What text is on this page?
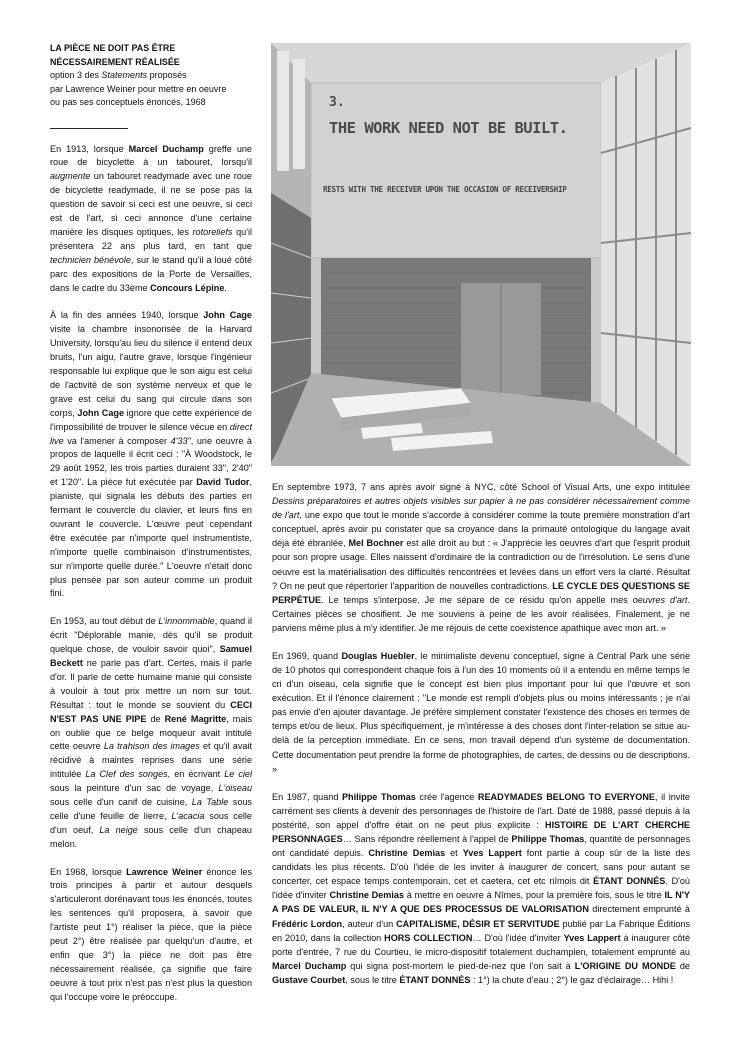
LA PIÈCE NE DOIT PAS ÊTRE
NÉCESSAIREMENT RÉALISÉE
option 3 des Statements proposés
par Lawrence Weiner pour mettre en oeuvre
ou pas ses conceptuels énoncés, 1968

En 1913, lorsque Marcel Duchamp greffe une roue de bicyclette à un tabouret, lorsqu'il augmente un tabouret readymade avec une roue de bicyclette readymade, il ne se pose pas la question de savoir si ceci est une oeuvre, si ceci est de l'art, si ceci annonce d'une certaine manière les disques optiques, les rotoreliefs qu'il présentera 22 ans plus tard, en tant que technicien bénévole, sur le stand qu'il a loué côté parc des expositions de la Porte de Versailles, dans le cadre du 33ème Concours Lépine.

À la fin des années 1940, lorsque John Cage visite la chambre insonorisée de la Harvard University, lorsqu'au lieu du silence il entend deux bruits, l'un aigu, l'autre grave, lorsque l'ingénieur responsable lui explique que le son aigu est celui de l'activité de son système nerveux et que le grave est celui du sang qui circule dans son corps, John Cage ignore que cette expérience de l'impossibilité de trouver le silence vécue en direct live va l'amener à composer 4'33", une oeuvre à propos de laquelle il écrit ceci : "À Woodstock, le 29 août 1952, les trois parties duraient 33", 2'40" et 1'20". La pièce fut exécutée par David Tudor, pianiste, qui signala les débuts des parties en fermant le couvercle du clavier, et leurs fins en ouvrant le couvercle. L'œuvre peut cependant être exécutée par n'importe quel instrumentiste, n'importe quelle combinaison d'instrumentistes, sur n'importe quelle durée." L'oeuvre n'était donc plus pensée par son auteur comme un produit fini.

En 1953, au tout début de L'innommable, quand il écrit "Déplorable manie, dès qu'il se produit quelque chose, de vouloir savoir quoi", Samuel Beckett ne parle pas d'art. Certes, mais il parle d'or. Il parle de cette humaine manie qui consiste à vouloir à tout prix mettre un nom sur tout. Résultat : tout le monde se souvient du CECI N'EST PAS UNE PIPE de René Magritte, mais on oublie que ce belge moqueur avait intitulé cette oeuvre La trahison des images et qu'il avait récidivé à maintes reprises dans une série intitulée La Clef des songes, en écrivant Le ciel sous la peinture d'un sac de voyage, L'oiseau sous celle d'un canif de cuisine, La Table sous celle d'une feuille de lierre, L'acacia sous celle d'un oeuf, La neige sous celle d'un chapeau melon.

En 1968, lorsque Lawrence Weiner énonce les trois principes à partir et autour desquels s'articuleront dorénavant tous les énoncés, toutes les sentences qu'il proposera, à savoir que l'artiste peut 1°) réaliser la pièce, que la pièce peut 2°) être réalisée par quelqu'un d'autre, et enfin que 3°) la pièce ne doit pas être nécessairement réalisée, ça signifie que faire oeuvre à tout prix n'est pas n'est plus la question qui l'occupe voire le préoccupe.

3.
THE WORK NEED NOT BE BUILT.
RESTS WITH THE RECEIVER UPON THE OCCASION OF RECEIVERSHIP

En septembre 1973, 7 ans après avoir signé à NYC, côté School of Visual Arts, une expo intitulée Dessins préparatoires et autres objets visibles sur papier à ne pas considérer nécessairement comme de l'art, une expo que tout le monde s'accorde à considérer comme la toute première monstration d'art conceptuel, après avoir pu constater que sa croyance dans la primauté ontologique du langage avait déjà été ébranlée, Mel Bochner est allé droit au but : « J'apprécie les oeuvres d'art que l'esprit produit pour son propre usage. Elles naissent d'ordinaire de la contradiction ou de l'irrésolution. Le sens d'une oeuvre est la matérialisation des difficultés rencontrées et levées dans un effort vers la clarté. Résultat ? On ne peut que répertorier l'apparition de nouvelles contradictions. LE CYCLE DES QUESTIONS SE PERPÉTUE. Le temps s'interpose. Je me sépare de ce résidu qu'on appelle mes oeuvres d'art. Certaines pièces se chosifient. Je me souviens à peine de les avoir réalisées. Finalement, je ne parviens même plus à m'y identifier. Je me réjouis de cette coexistence apathique avec mon art. »

En 1969, quand Douglas Huebler, le minimaliste devenu conceptuel, signe à Central Park une série de 10 photos qui correspondent chaque fois à l'un des 10 moments où il a entendu en même temps le cri d'un oiseau, cela signifie que le concept est bien plus important pour lui que l'œuvre et son exécution. Et il l'énonce clairement : "Le monde est rempli d'objets plus ou moins intéressants ; je n'ai pas envie d'en ajouter davantage. Je préfère simplement constater l'existence des choses en termes de temps et/ou de lieux. Plus spécifiquement, je m'intéresse à des choses dont l'inter-relation se situe au-delà de la perception immédiate. En ce sens, mon travail dépend d'un système de documentation. Cette documentation peut prendre la forme de photographies, de cartes, de dessins ou de descriptions. »

En 1987, quand Philippe Thomas crée l'agence READYMADES BELONG TO EVERYONE, il invite carrément ses clients à devenir des personnages de l'histoire de l'art. Daté de 1988, passé depuis à la postérité, son appel d'offre était on ne peut plus explicite : HISTOIRE DE L'ART CHERCHE PERSONNAGES… Sans répondre réellement à l'appel de Philippe Thomas, quantité de personnages ont candidaté depuis. Christine Demias et Yves Lappert font partie à coup sûr de la liste des candidats les plus récents. D'où l'idée de les inviter à inaugurer de concert, sans pour autant se concerter, cet espace temps contemporain, cet et caetera, cet etc nîmois dit ÉTANT DONNÉS. D'où l'idée d'inviter Christine Demias à mettre en oeuvre à Nîmes, pour la première fois, sous le titre IL N'Y A PAS DE VALEUR, IL N'Y A QUE DES PROCESSUS DE VALORISATION directement emprunté à Frédéric Lordon, auteur d'un CAPITALISME, DÉSIR ET SERVITUDE publié par La Fabrique Éditions en 2010, dans la collection HORS COLLECTION… D'où l'idée d'inviter Yves Lappert à inaugurer côté porte d'entrée, 7 rue du Courtieu, le micro-dispositif totalement duchampien, totalement emprunté au Marcel Duchamp qui signa post-mortem le pied-de-nez que l'on sait à L'ORIGINE DU MONDE de Gustave Courbet, sous le titre ÉTANT DONNÉS : 1°) la chute d'eau ; 2°) le gaz d'éclairage… Hihi !
